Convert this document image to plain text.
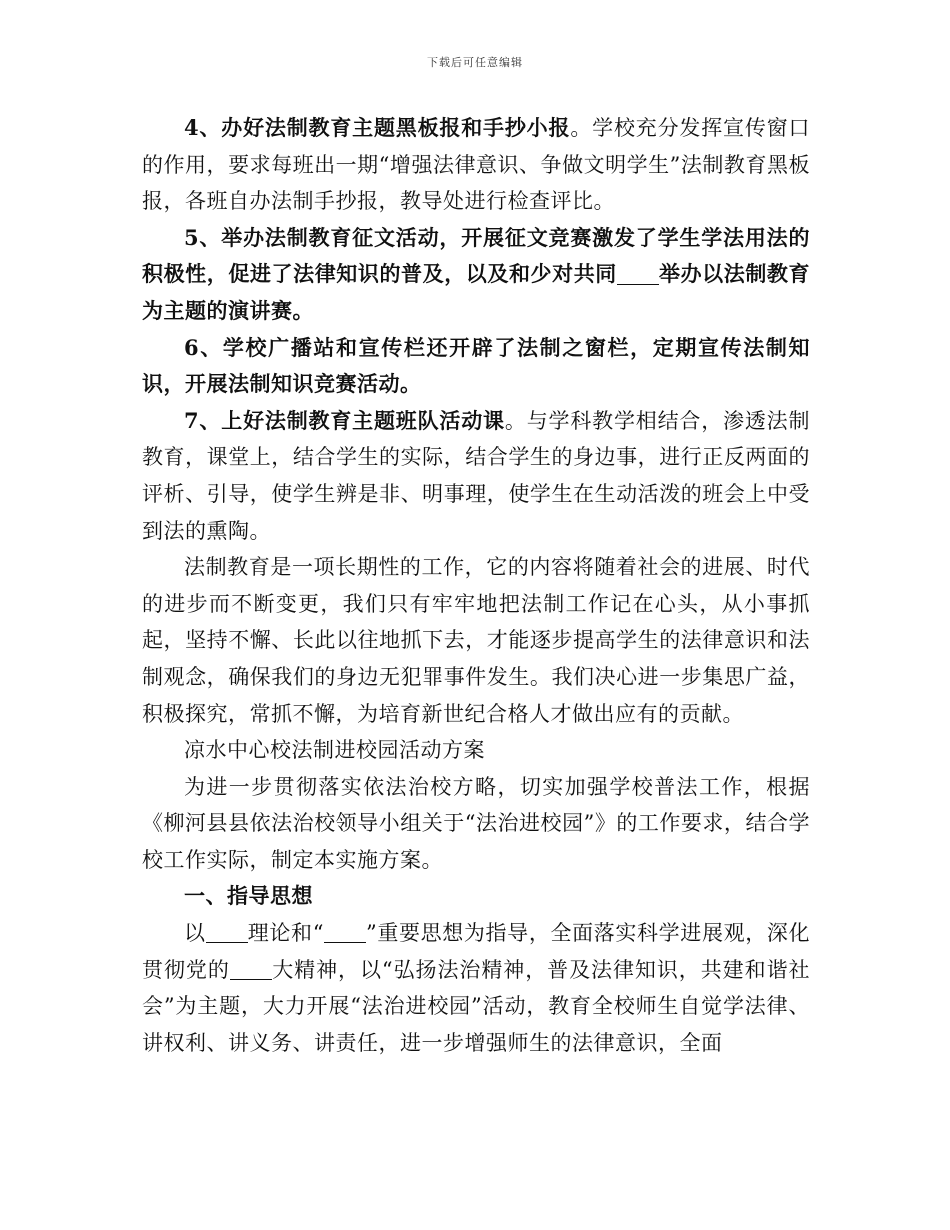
下载后可任意编辑

4、办好法制教育主题黑板报和手抄小报。学校充分发挥宣传窗口的作用，要求每班出一期“增强法律意识、争做文明学生”法制教育黑板报，各班自办法制手抄报，教导处进行检查评比。

5、举办法制教育征文活动，开展征文竞赛激发了学生学法用法的积极性，促进了法律知识的普及，以及和少对共同 举办以法制教育为主题的演讲赛。

6、学校广播站和宣传栏还开辟了法制之窗栏，定期宣传法制知识，开展法制知识竞赛活动。

7、上好法制教育主题班队活动课。与学科教学相结合，渗透法制教育，课堂上，结合学生的实际，结合学生的身边事，进行正反两面的评析、引导，使学生辨是非、明事理，使学生在生动活泼的班会上中受到法的熏陶。

法制教育是一项长期性的工作，它的内容将随着社会的进展、时代的进步而不断变更，我们只有牢牢地把法制工作记在心头，从小事抓起，坚持不懈、长此以往地抓下去，才能逐步提高学生的法律意识和法制观念，确保我们的身边无犯罪事件发生。我们决心进一步集思广益，积极探究，常抓不懈，为培育新世纪合格人才做出应有的贡献。

凉水中心校法制进校园活动方案

为进一步贯彻落实依法治校方略，切实加强学校普法工作，根据《柳河县县依法治校领导小组关于“法治进校园”》的工作要求，结合学校工作实际，制定本实施方案。

一、指导思想

以 理论和“ ”重要思想为指导，全面落实科学进展观，深化贯彻党的 大精神，以“弘扬法治精神，普及法律知识，共建和谐社会”为主题，大力开展“法治进校园”活动，教育全校师生自觉学法律、讲权利、讲义务、讲责任，进一步增强师生的法律意识，全面
